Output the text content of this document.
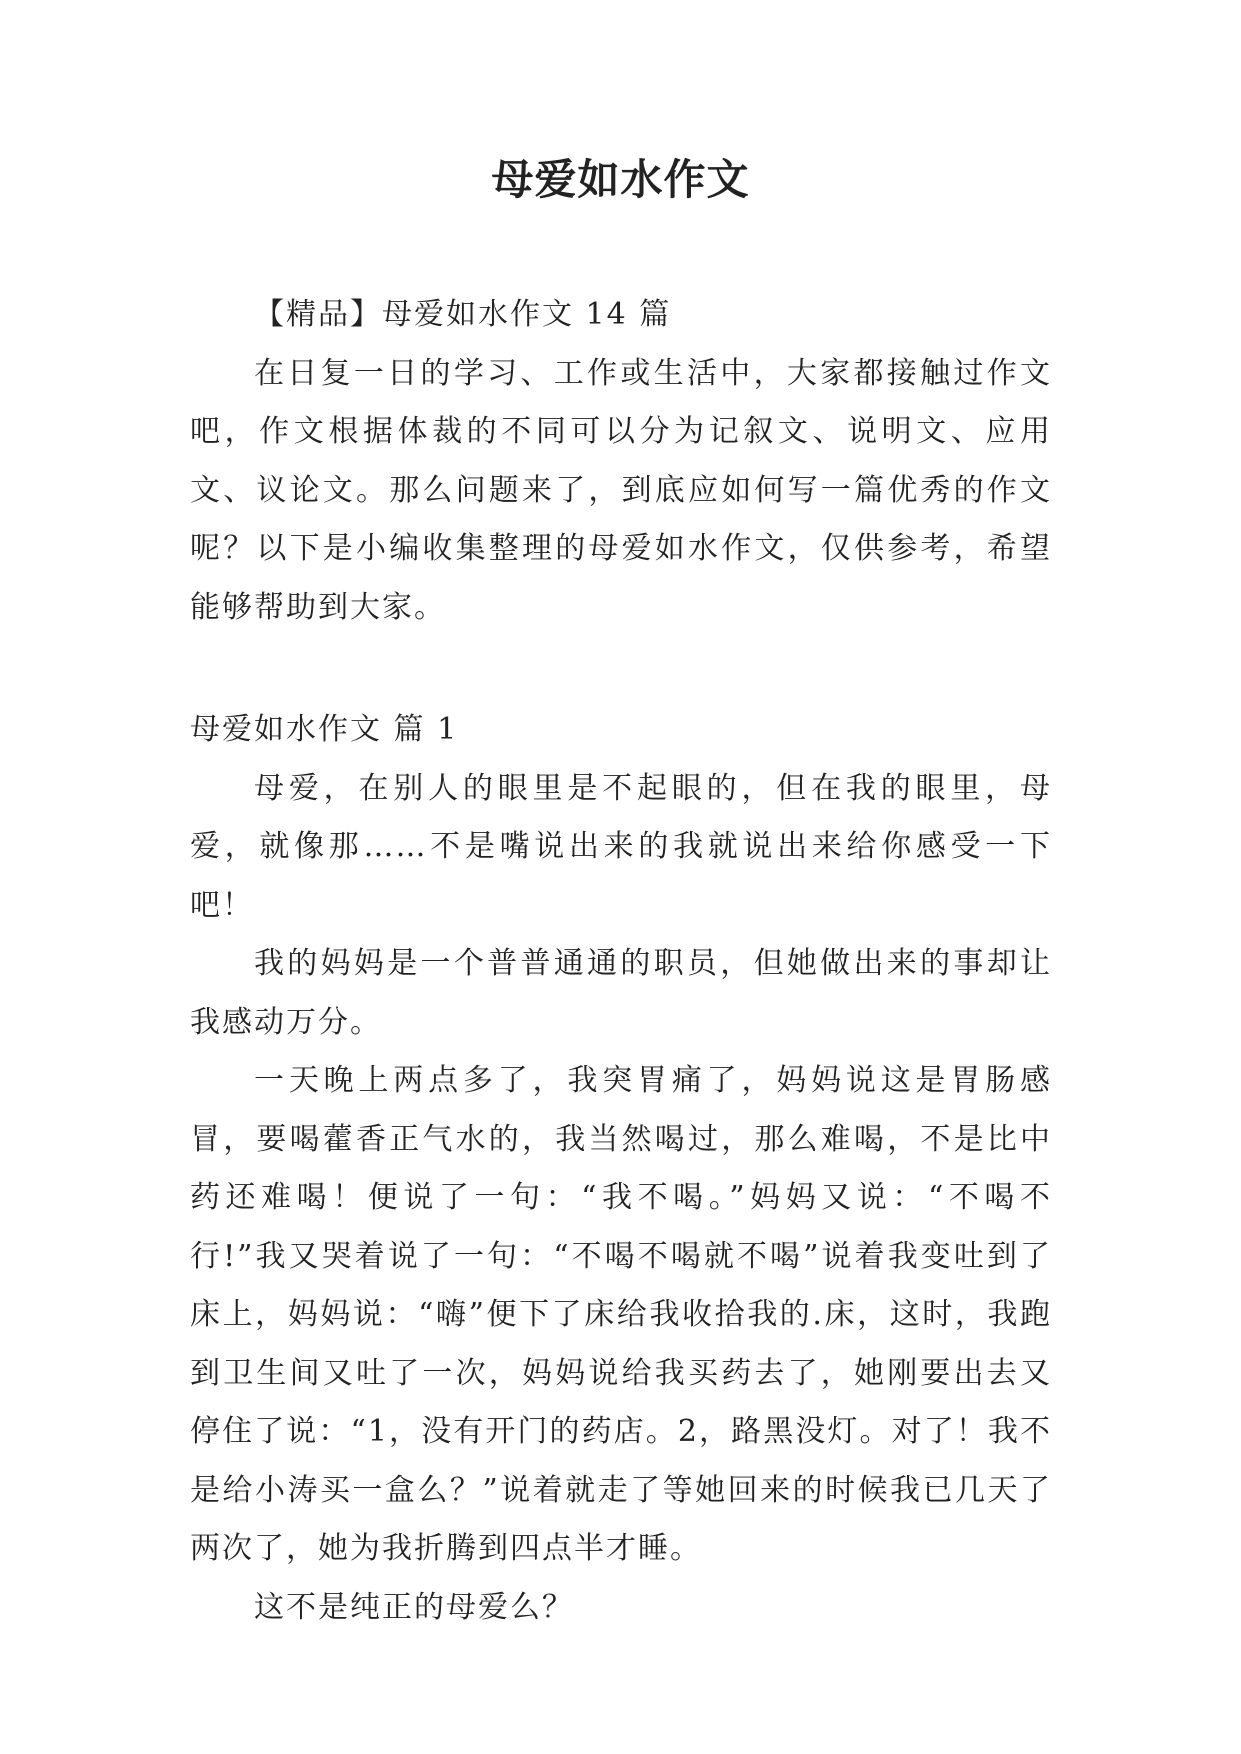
母爱如水作文

【精品】母爱如水作文 14 篇

在日复一日的学习、工作或生活中，大家都接触过作文吧，作文根据体裁的不同可以分为记叙文、说明文、应用文、议论文。那么问题来了，到底应如何写一篇优秀的作文呢？以下是小编收集整理的母爱如水作文，仅供参考，希望能够帮助到大家。

母爱如水作文 篇 1

母爱，在别人的眼里是不起眼的，但在我的眼里，母爱，就像那……不是嘴说出来的我就说出来给你感受一下吧！

我的妈妈是一个普普通通的职员，但她做出来的事却让我感动万分。

一天晚上两点多了，我突胃痛了，妈妈说这是胃肠感冒，要喝藿香正气水的，我当然喝过，那么难喝，不是比中药还难喝！便说了一句：“我不喝。”妈妈又说：“不喝不行!”我又哭着说了一句：“不喝不喝就不喝”说着我变吐到了床上，妈妈说：“嗨”便下了床给我收拾我的.床，这时，我跑到卫生间又吐了一次，妈妈说给我买药去了，她刚要出去又停住了说：“1，没有开门的药店。2，路黑没灯。对了！我不是给小涛买一盒么？”说着就走了等她回来的时候我已几天了两次了，她为我折腾到四点半才睡。

这不是纯正的母爱么？
